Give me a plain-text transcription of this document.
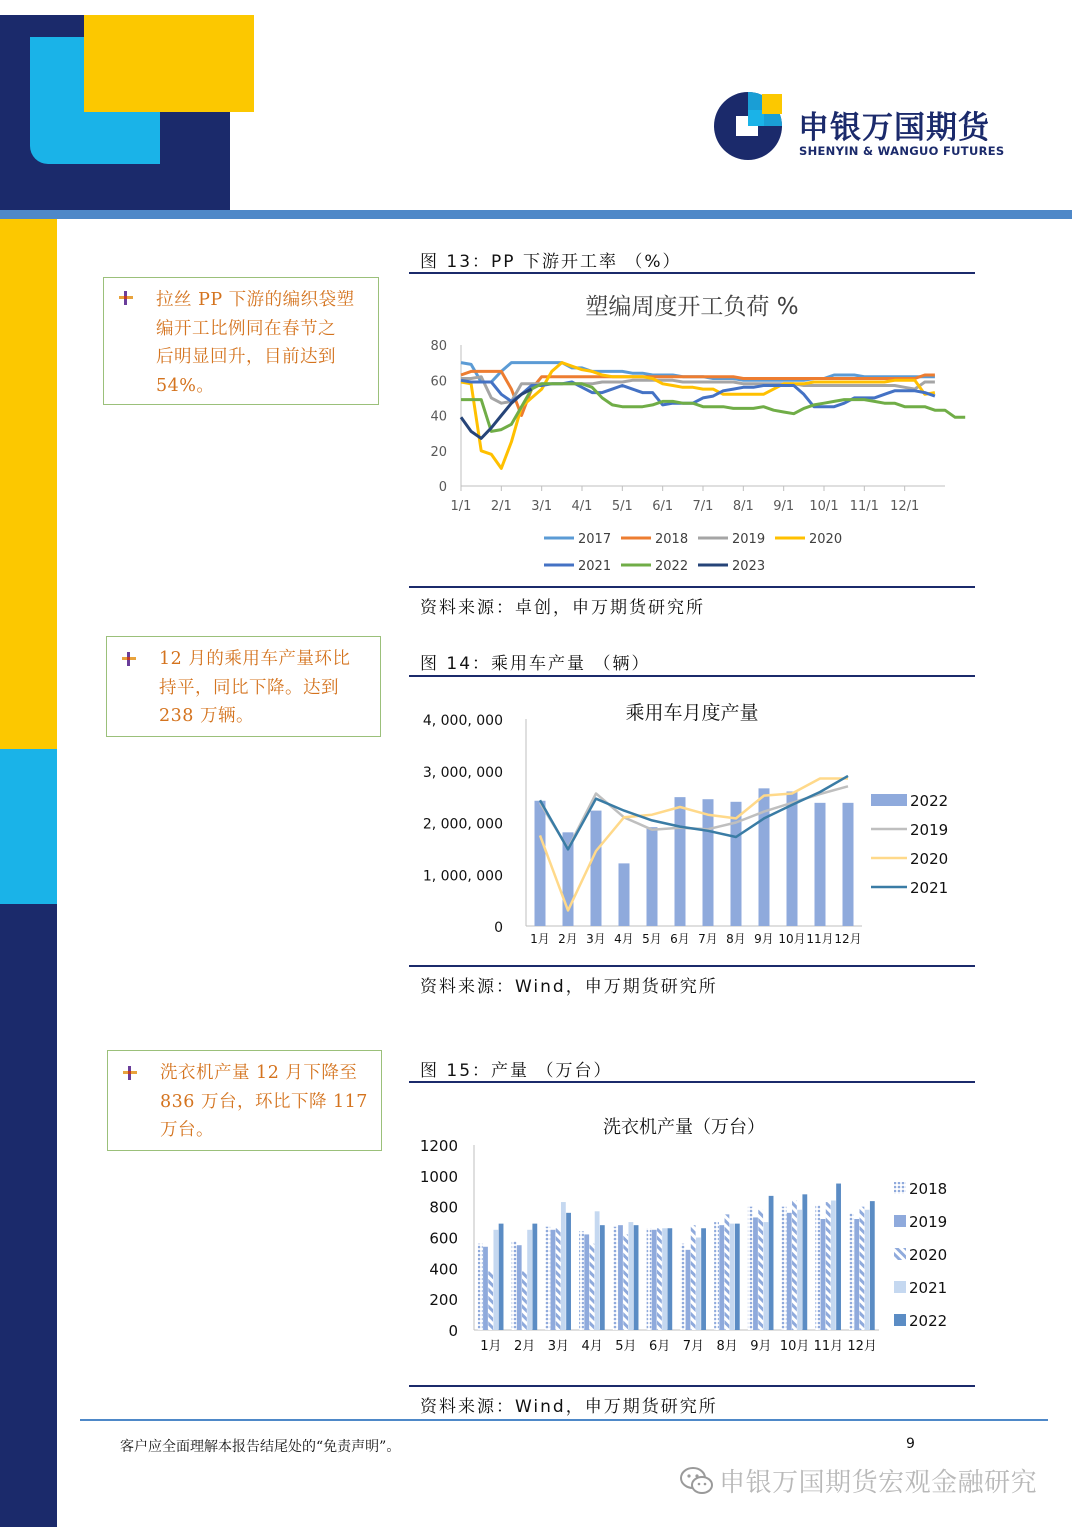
申银万国期货
SHENYIN & WANGUO FUTURES
拉丝 PP 下游的编织袋塑
编开工比例同在春节之
后明显回升，目前达到
54%。
12 月的乘用车产量环比
持平，同比下降。达到
238 万辆。
洗衣机产量 12 月下降至
836 万台，环比下降 117
万台。
图 13：PP 下游开工率 （%）
塑编周度开工负荷 %
0
20
40
60
80
1/1 2/1 3/1 4/1 5/1 6/1 7/1 8/1 9/1 10/1 11/1 12/1
2017	2018	2019	2020
2021	2022	2023
资料来源：卓创，申万期货研究所
图 14：乘用车产量 （辆）
乘用车月度产量
0
1, 000, 000
2, 000, 000
3, 000, 000
4, 000, 000
1月 2月 3月 4月 5月 6月 7月 8月 9月 10月 11月 12月
2022
2019
2020
2021
资料来源：Wind，申万期货研究所
图 15：产量 （万台）
洗衣机产量（万台）
0
200
400
600
800
1000
1200
1月 2月 3月 4月 5月 6月 7月 8月 9月 10月 11月 12月
2018
2019
2020
2021
2022
资料来源：Wind，申万期货研究所
客户应全面理解本报告结尾处的“免责声明”。	9
申银万国期货宏观金融研究
